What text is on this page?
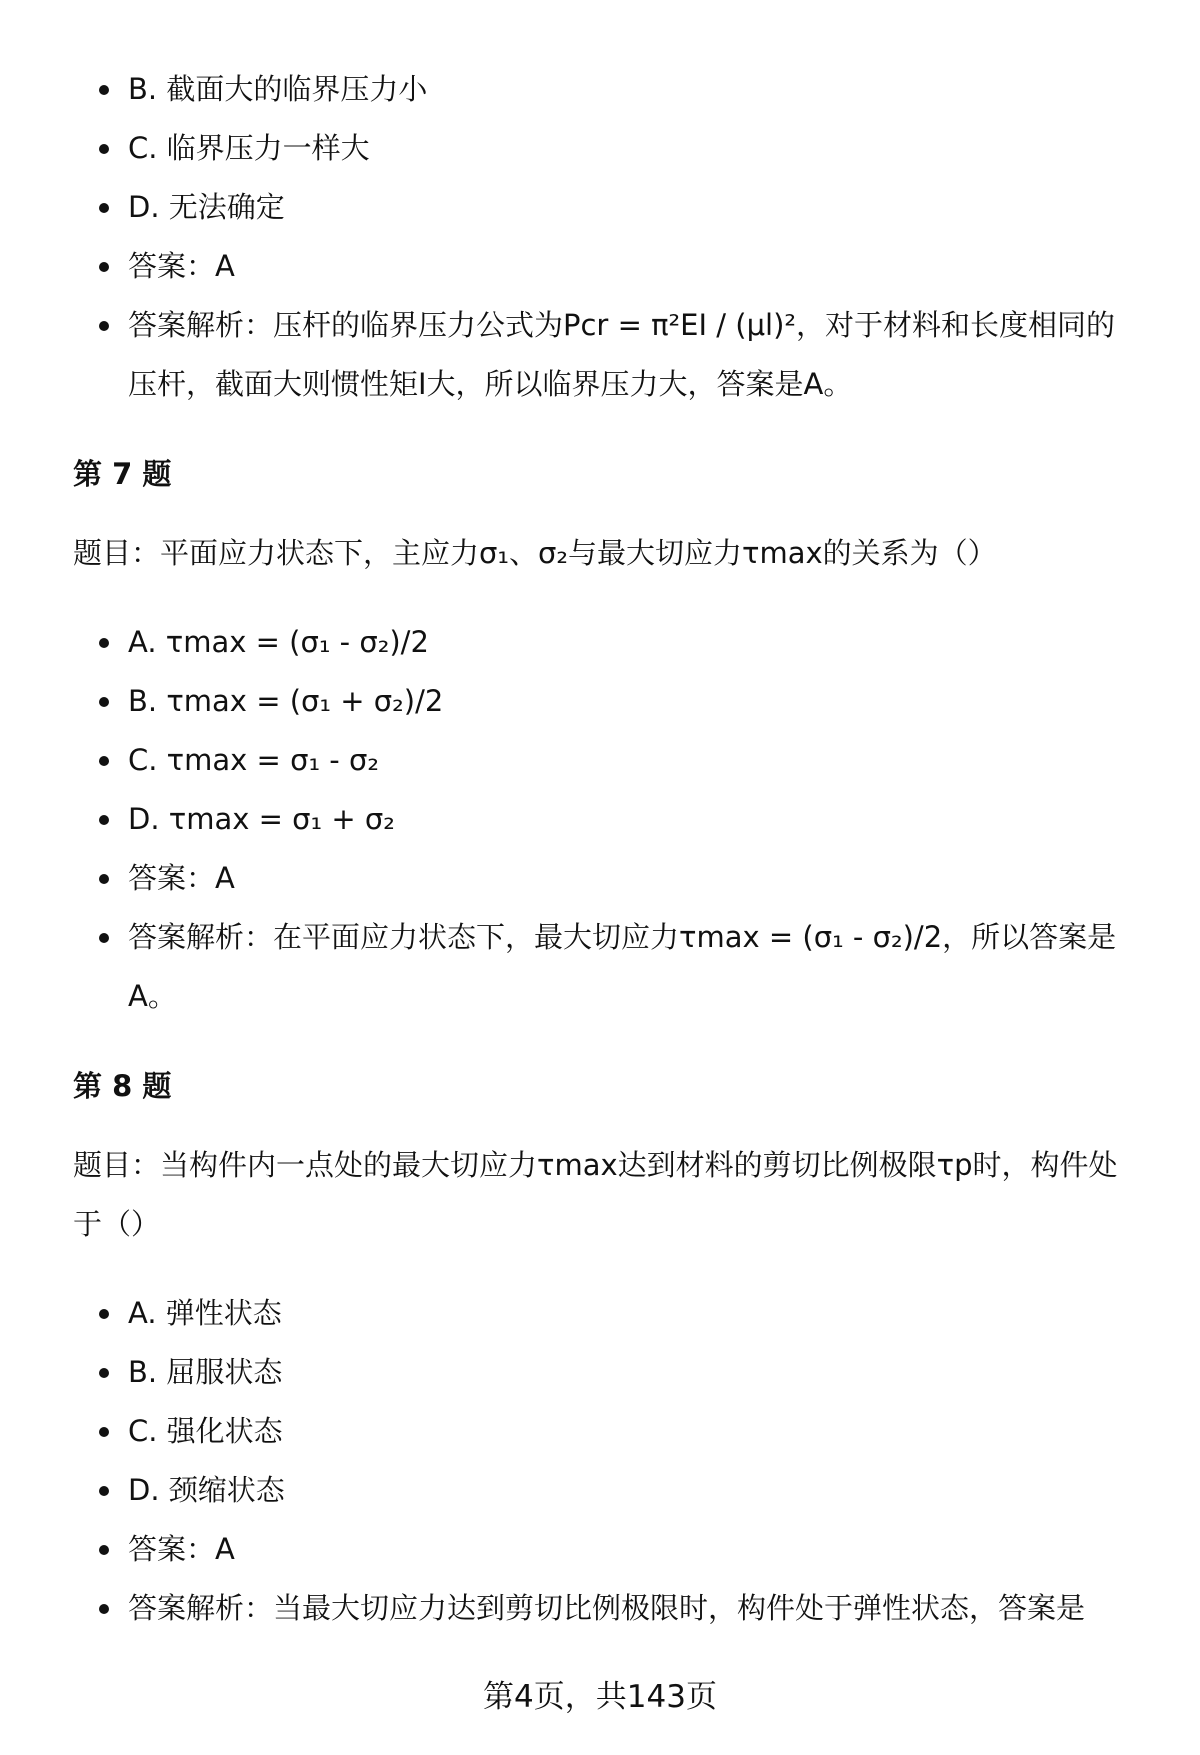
B. 截面大的临界压力小
C. 临界压力一样大
D. 无法确定
答案：A
答案解析：压杆的临界压力公式为Pcr = π²EI / (μl)²，对于材料和长度相同的压杆，截面大则惯性矩I大，所以临界压力大，答案是A。
第 7 题
题目：平面应力状态下，主应力σ₁、σ₂与最大切应力τmax的关系为（）
A. τmax = (σ₁ - σ₂)/2
B. τmax = (σ₁ + σ₂)/2
C. τmax = σ₁ - σ₂
D. τmax = σ₁ + σ₂
答案：A
答案解析：在平面应力状态下，最大切应力τmax = (σ₁ - σ₂)/2，所以答案是A。
第 8 题
题目：当构件内一点处的最大切应力τmax达到材料的剪切比例极限τp时，构件处于（）
A. 弹性状态
B. 屈服状态
C. 强化状态
D. 颈缩状态
答案：A
答案解析：当最大切应力达到剪切比例极限时，构件处于弹性状态，答案是
第4页，共143页
